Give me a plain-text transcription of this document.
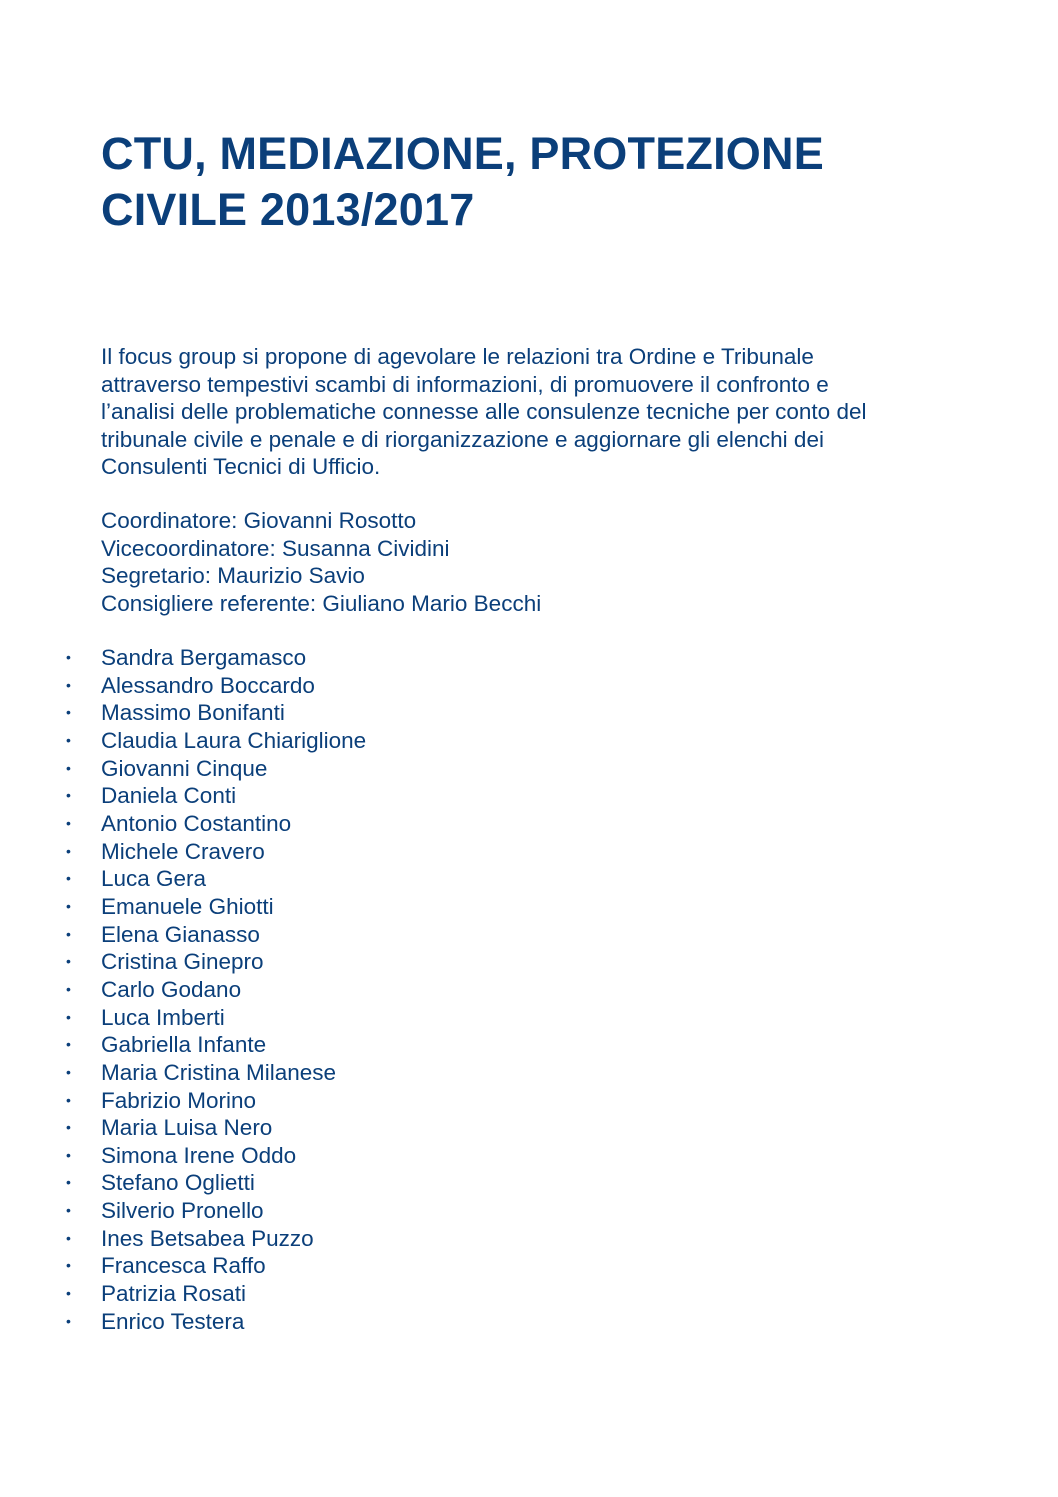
CTU, MEDIAZIONE, PROTEZIONE
CIVILE 2013/2017

Il focus group si propone di agevolare le relazioni tra Ordine e Tribunale
attraverso tempestivi scambi di informazioni, di promuovere il confronto e
l’analisi delle problematiche connesse alle consulenze tecniche per conto del
tribunale civile e penale e di riorganizzazione e aggiornare gli elenchi dei
Consulenti Tecnici di Ufficio.

Coordinatore: Giovanni Rosotto
Vicecoordinatore: Susanna Cividini
Segretario: Maurizio Savio
Consigliere referente: Giuliano Mario Becchi
• Sandra Bergamasco
• Alessandro Boccardo
• Massimo Bonifanti
• Claudia Laura Chiariglione
• Giovanni Cinque
• Daniela Conti
• Antonio Costantino
• Michele Cravero
• Luca Gera
• Emanuele Ghiotti
• Elena Gianasso
• Cristina Ginepro
• Carlo Godano
• Luca Imberti
• Gabriella Infante
• Maria Cristina Milanese
• Fabrizio Morino
• Maria Luisa Nero
• Simona Irene Oddo
• Stefano Oglietti
• Silverio Pronello
• Ines Betsabea Puzzo
• Francesca Raffo
• Patrizia Rosati
• Enrico Testera
